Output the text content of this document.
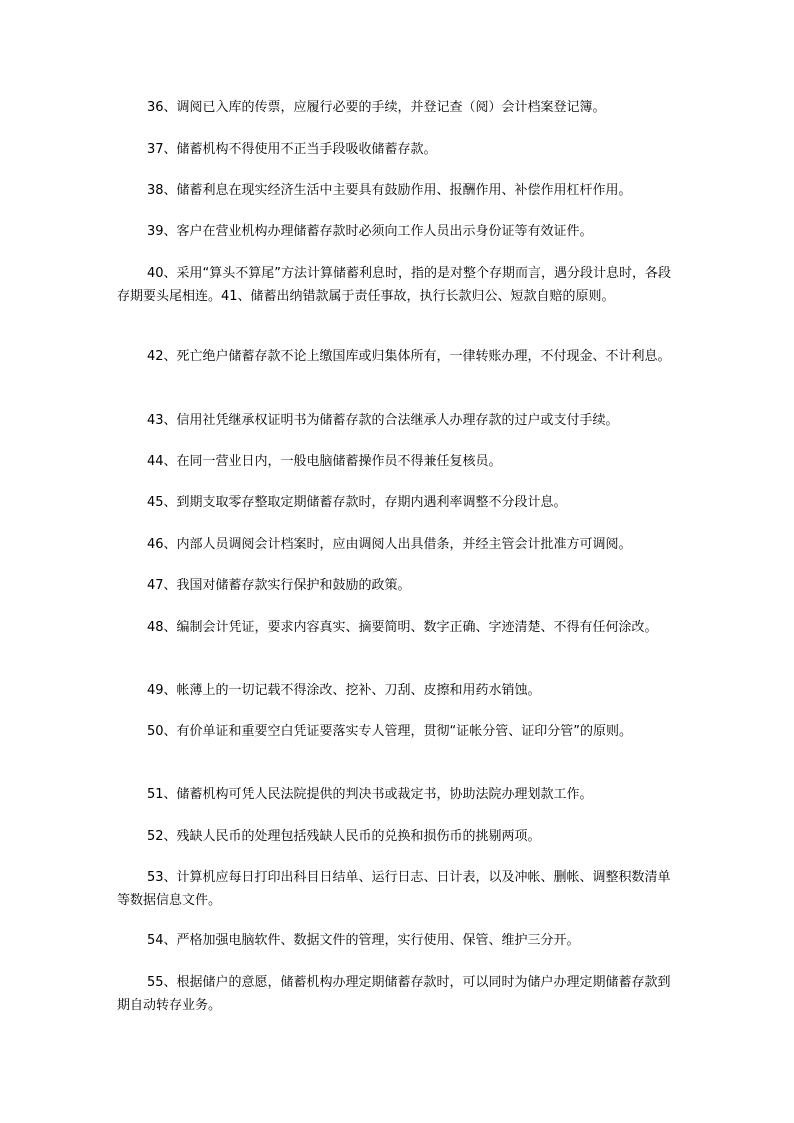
36、调阅已入库的传票，应履行必要的手续，并登记查（阅）会计档案登记簿。

37、储蓄机构不得使用不正当手段吸收储蓄存款。

38、储蓄利息在现实经济生活中主要具有鼓励作用、报酬作用、补偿作用杠杆作用。

39、客户在营业机构办理储蓄存款时必须向工作人员出示身份证等有效证件。

40、采用“算头不算尾”方法计算储蓄利息时，指的是对整个存期而言，遇分段计息时，各段存期要头尾相连。41、储蓄出纳错款属于责任事故，执行长款归公、短款自赔的原则。

42、死亡绝户储蓄存款不论上缴国库或归集体所有，一律转账办理，不付现金、不计利息。

43、信用社凭继承权证明书为储蓄存款的合法继承人办理存款的过户或支付手续。

44、在同一营业日内，一般电脑储蓄操作员不得兼任复核员。

45、到期支取零存整取定期储蓄存款时，存期内遇利率调整不分段计息。

46、内部人员调阅会计档案时，应由调阅人出具借条，并经主管会计批准方可调阅。

47、我国对储蓄存款实行保护和鼓励的政策。

48、编制会计凭证，要求内容真实、摘要简明、数字正确、字迹清楚、不得有任何涂改。

49、帐薄上的一切记载不得涂改、挖补、刀刮、皮擦和用药水销蚀。

50、有价单证和重要空白凭证要落实专人管理，贯彻“证帐分管、证印分管”的原则。

51、储蓄机构可凭人民法院提供的判决书或裁定书，协助法院办理划款工作。

52、残缺人民币的处理包括残缺人民币的兑换和损伤币的挑剔两项。

53、计算机应每日打印出科目日结单、运行日志、日计表，以及冲帐、删帐、调整积数清单等数据信息文件。

54、严格加强电脑软件、数据文件的管理，实行使用、保管、维护三分开。

55、根据储户的意愿，储蓄机构办理定期储蓄存款时，可以同时为储户办理定期储蓄存款到期自动转存业务。
